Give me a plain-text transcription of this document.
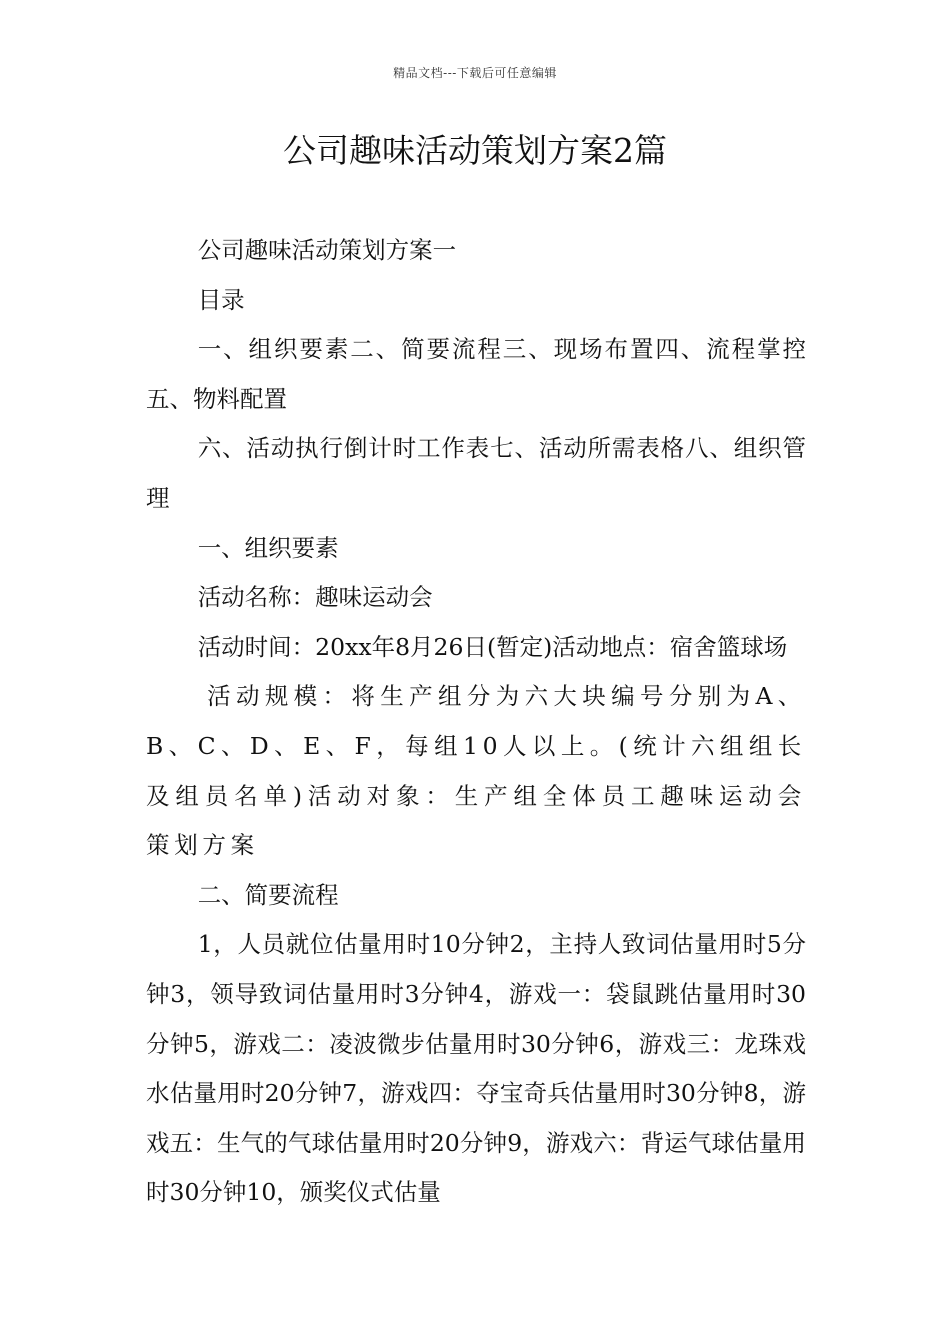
精品文档---下载后可任意编辑
公司趣味活动策划方案2篇

公司趣味活动策划方案一

目录

一、组织要素二、简要流程三、现场布置四、流程掌控五、物料配置

六、活动执行倒计时工作表七、活动所需表格八、组织管理

一、组织要素

活动名称：趣味运动会

活动时间：20xx年8月26日(暂定)活动地点：宿舍篮球场

活动规模：将生产组分为六大块编号分别为A、B、C、D、E、F，每组10人以上。(统计六组组长及组员名单)活动对象：生产组全体员工趣味运动会策划方案

二、简要流程

1，人员就位估量用时10分钟2，主持人致词估量用时5分钟3，领导致词估量用时3分钟4，游戏一：袋鼠跳估量用时30分钟5，游戏二：凌波微步估量用时30分钟6，游戏三：龙珠戏水估量用时20分钟7，游戏四：夺宝奇兵估量用时30分钟8，游戏五：生气的气球估量用时20分钟9，游戏六：背运气球估量用时30分钟10，颁奖仪式估量
